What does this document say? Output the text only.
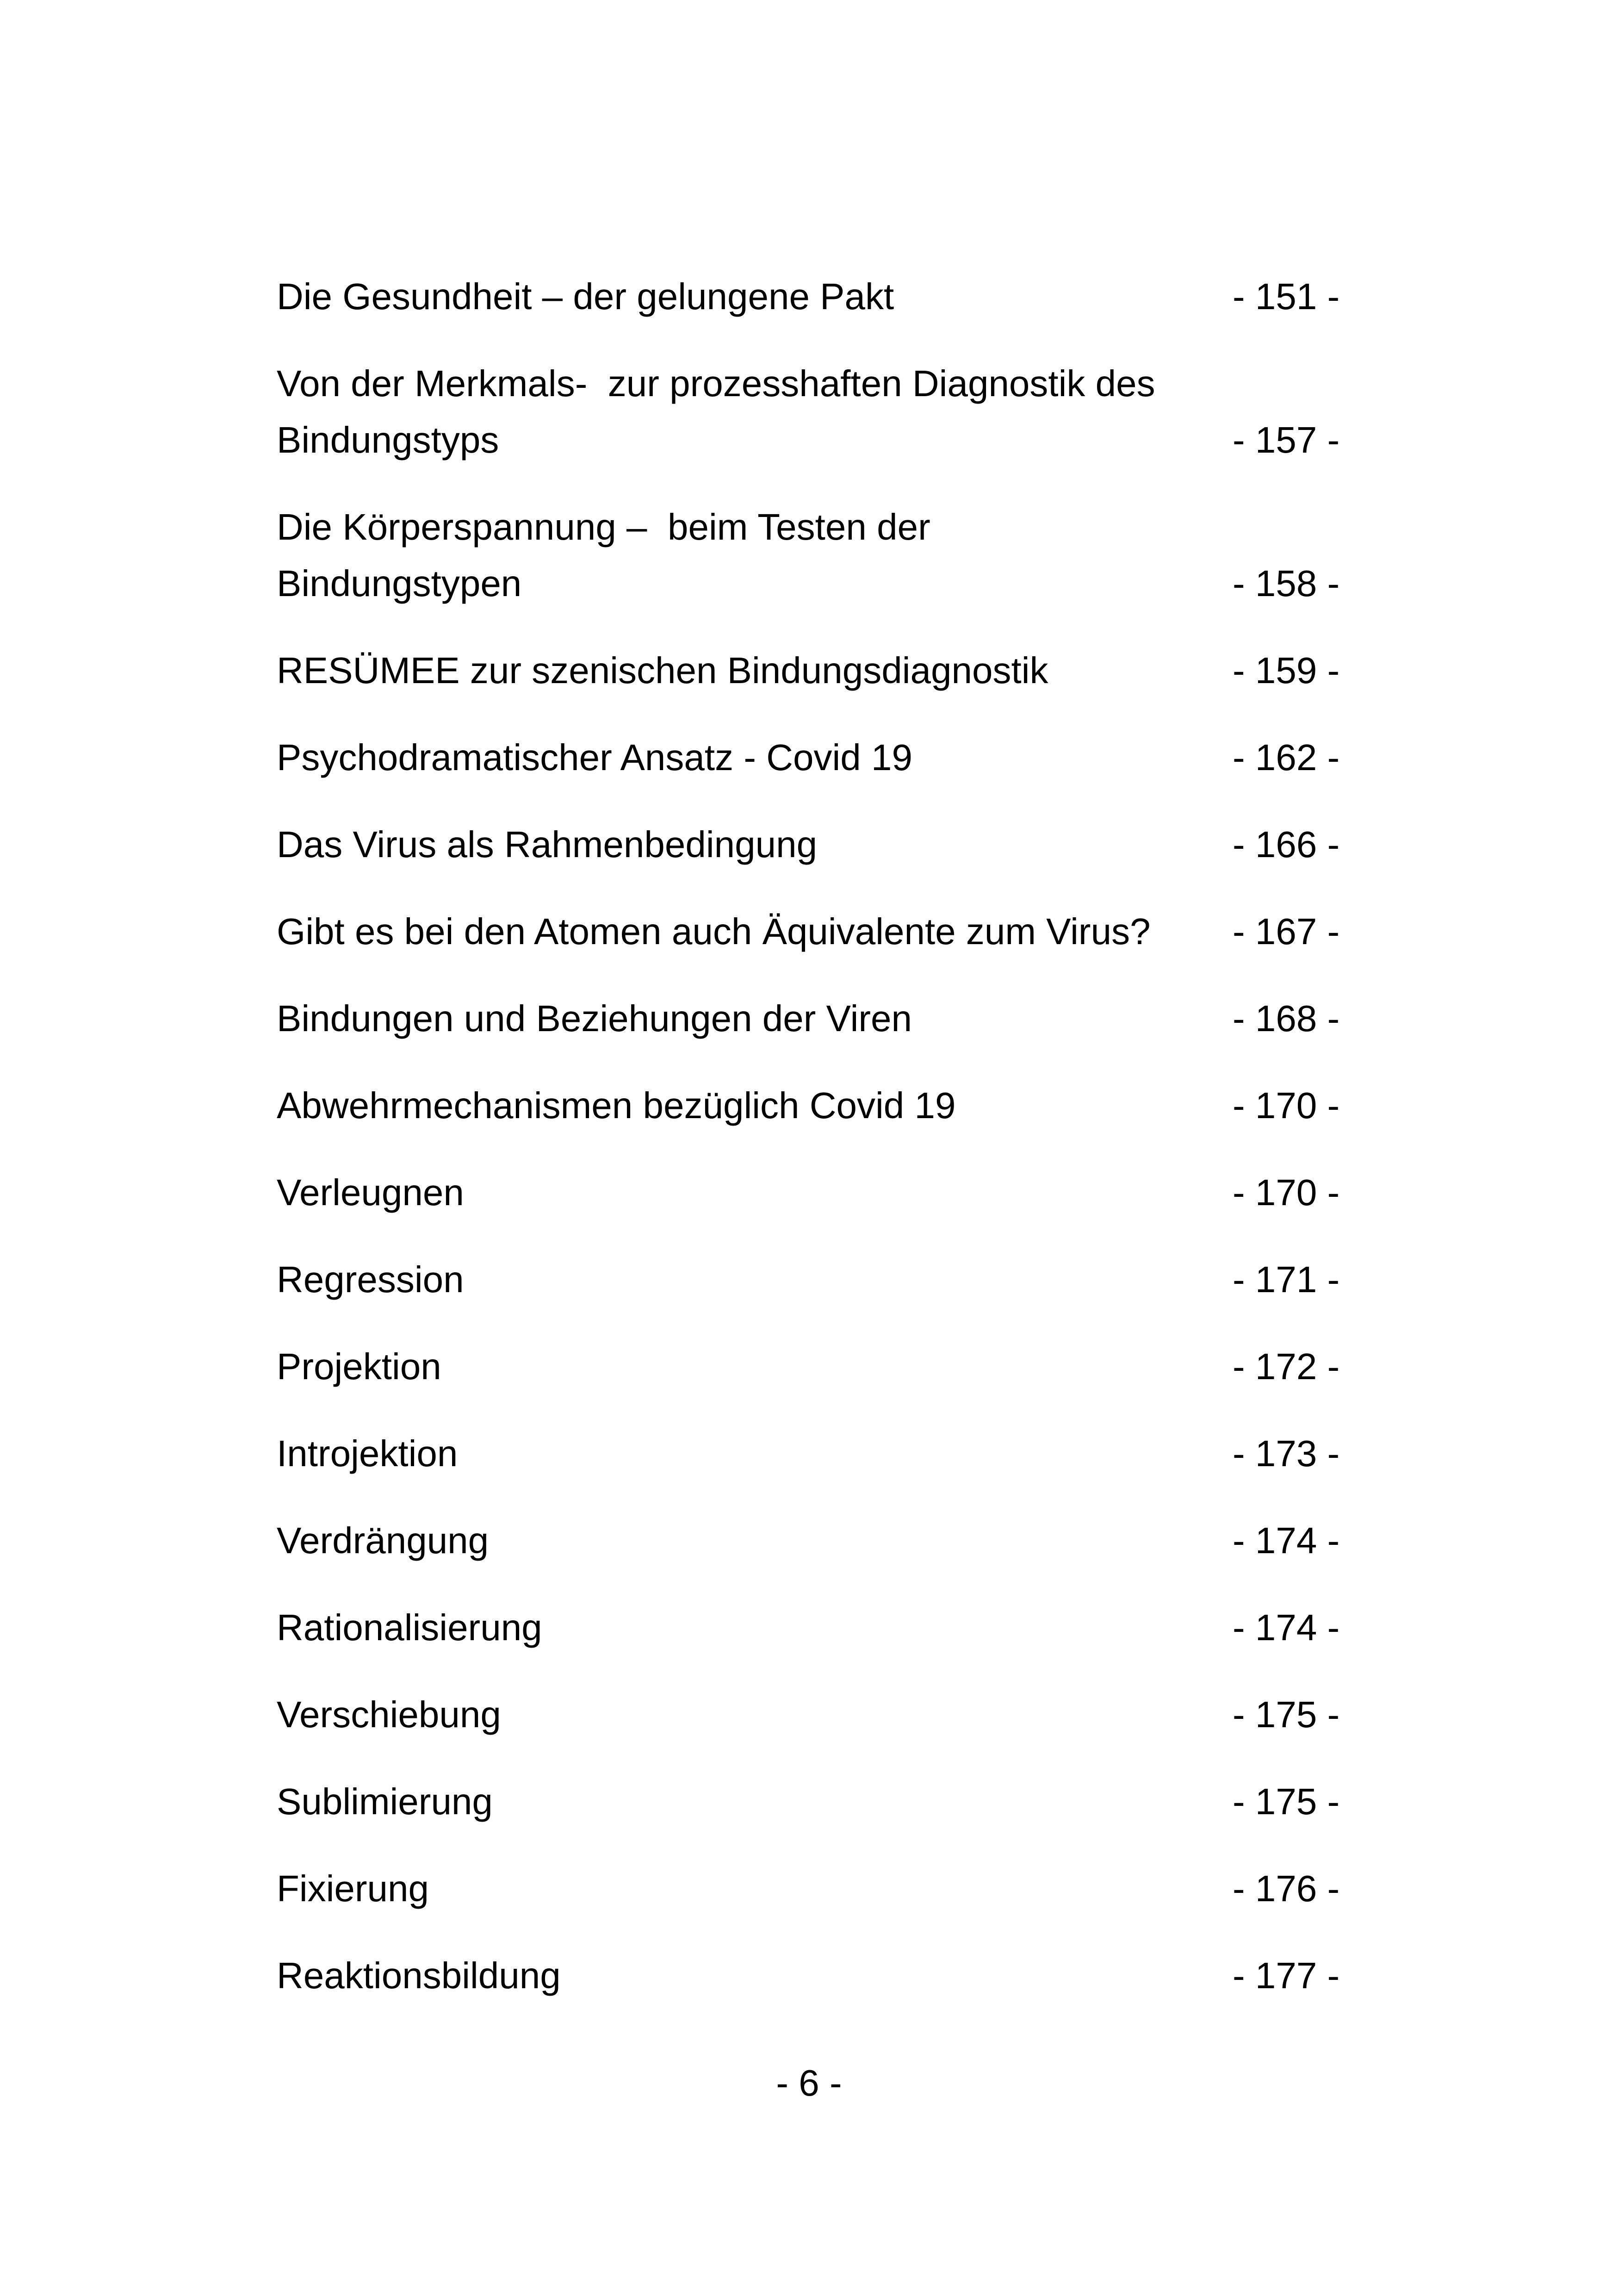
Die Gesundheit – der gelungene Pakt	- 151 -
Von der Merkmals-  zur prozesshaften Diagnostik des
Bindungstyps	- 157 -
Die Körperspannung –  beim Testen der
Bindungstypen	- 158 -
RESÜMEE zur szenischen Bindungsdiagnostik	- 159 -
Psychodramatischer Ansatz - Covid 19	- 162 -
Das Virus als Rahmenbedingung	- 166 -
Gibt es bei den Atomen auch Äquivalente zum Virus?	- 167 -
Bindungen und Beziehungen der Viren	- 168 -
Abwehrmechanismen bezüglich Covid 19	- 170 -
Verleugnen	- 170 -
Regression	- 171 -
Projektion	- 172 -
Introjektion	- 173 -
Verdrängung	- 174 -
Rationalisierung	- 174 -
Verschiebung	- 175 -
Sublimierung	- 175 -
Fixierung	- 176 -
Reaktionsbildung	- 177 -
- 6 -
